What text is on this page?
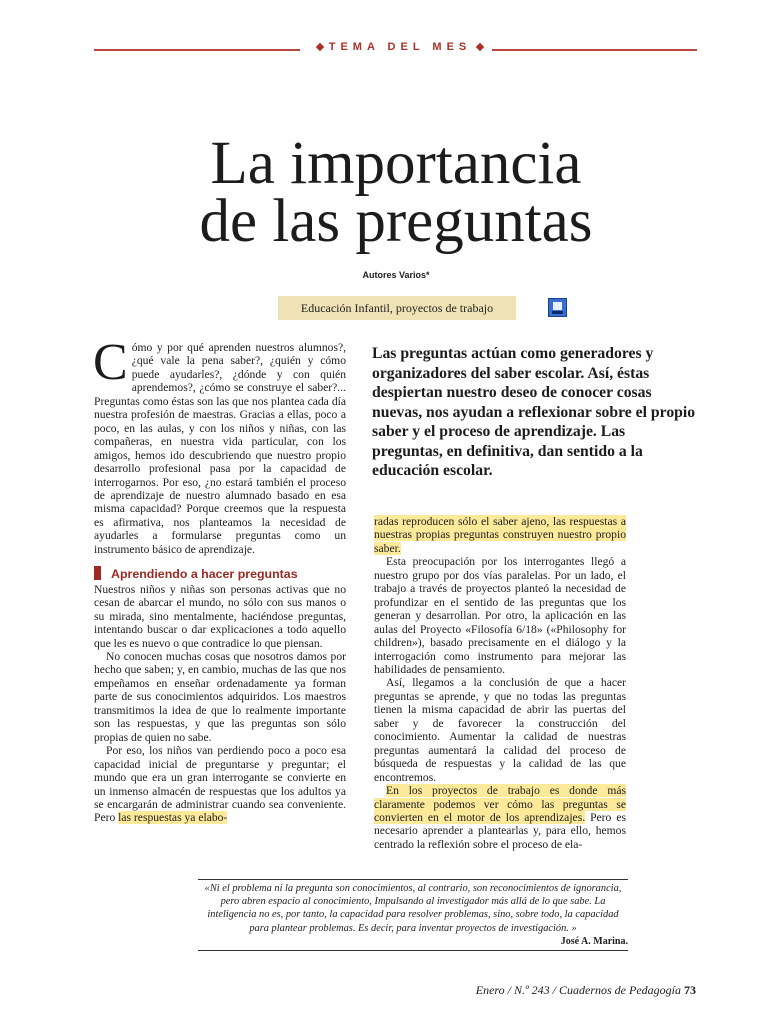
TEMA DEL MES
La importancia
de las preguntas
Autores Varios*
Educación Infantil, proyectos de trabajo

Cómo y por qué aprenden nuestros alumnos?, ¿qué vale la pena saber?, ¿quién y cómo puede ayudarles?, ¿dónde y con quién aprendemos?, ¿cómo se construye el saber?... Preguntas como éstas son las que nos plantea cada día nuestra profesión de maestras. Gracias a ellas, poco a poco, en las aulas, y con los niños y niñas, con las compañeras, en nuestra vida particular, con los amigos, hemos ido descubriendo que nuestro propio desarrollo profesional pasa por la capacidad de interrogarnos. Por eso, ¿no estará también el proceso de aprendizaje de nuestro alumnado basado en esa misma capacidad? Porque creemos que la respuesta es afirmativa, nos planteamos la necesidad de ayudarles a formularse preguntas como un instrumento básico de aprendizaje.

Aprendiendo a hacer preguntas

Nuestros niños y niñas son personas activas que no cesan de abarcar el mundo, no sólo con sus manos o su mirada, sino mentalmente, haciéndose preguntas, intentando buscar o dar explicaciones a todo aquello que les es nuevo o que contradice lo que piensan.

No conocen muchas cosas que nosotros damos por hecho que saben; y, en cambio, muchas de las que nos empeñamos en enseñar ordenadamente ya forman parte de sus conocimientos adquiridos. Los maestros transmitimos la idea de que lo realmente importante son las respuestas, y que las preguntas son sólo propias de quien no sabe.

Por eso, los niños van perdiendo poco a poco esa capacidad inicial de preguntarse y preguntar; el mundo que era un gran interrogante se convierte en un inmenso almacén de respuestas que los adultos ya se encargarán de administrar cuando sea conveniente. Pero las respuestas ya elabo-

Las preguntas actúan como generadores y organizadores del saber escolar. Así, éstas despiertan nuestro deseo de conocer cosas nuevas, nos ayudan a reflexionar sobre el propio saber y el proceso de aprendizaje. Las preguntas, en definitiva, dan sentido a la educación escolar.

radas reproducen sólo el saber ajeno, las respuestas a nuestras propias preguntas construyen nuestro propio saber.

Esta preocupación por los interrogantes llegó a nuestro grupo por dos vías paralelas. Por un lado, el trabajo a través de proyectos planteó la necesidad de profundizar en el sentido de las preguntas que los generan y desarrollan. Por otro, la aplicación en las aulas del Proyecto «Filosofía 6/18» («Philosophy for children»), basado precisamente en el diálogo y la interrogación como instrumento para mejorar las habilidades de pensamiento.

Así, llegamos a la conclusión de que a hacer preguntas se aprende, y que no todas las preguntas tienen la misma capacidad de abrir las puertas del saber y de favorecer la construcción del conocimiento. Aumentar la calidad de nuestras preguntas aumentará la calidad del proceso de búsqueda de respuestas y la calidad de las que encontremos.

En los proyectos de trabajo es donde más claramente podemos ver cómo las preguntas se convierten en el motor de los aprendizajes. Pero es necesario aprender a plantearlas y, para ello, hemos centrado la reflexión sobre el proceso de ela-

«Ni el problema ni la pregunta son conocimientos, al contrario, son reconocimientos de ignorancia, pero abren espacio al conocimiento, Impulsando al investigador más allá de lo que sabe. La inteligencia no es, por tanto, la capacidad para resolver problemas, sino, sobre todo, la capacidad para plantear problemas. Es decir, para inventar proyectos de investigación. »
José A. Marina.
Enero / N.º 243 / Cuadernos de Pedagogía 73
